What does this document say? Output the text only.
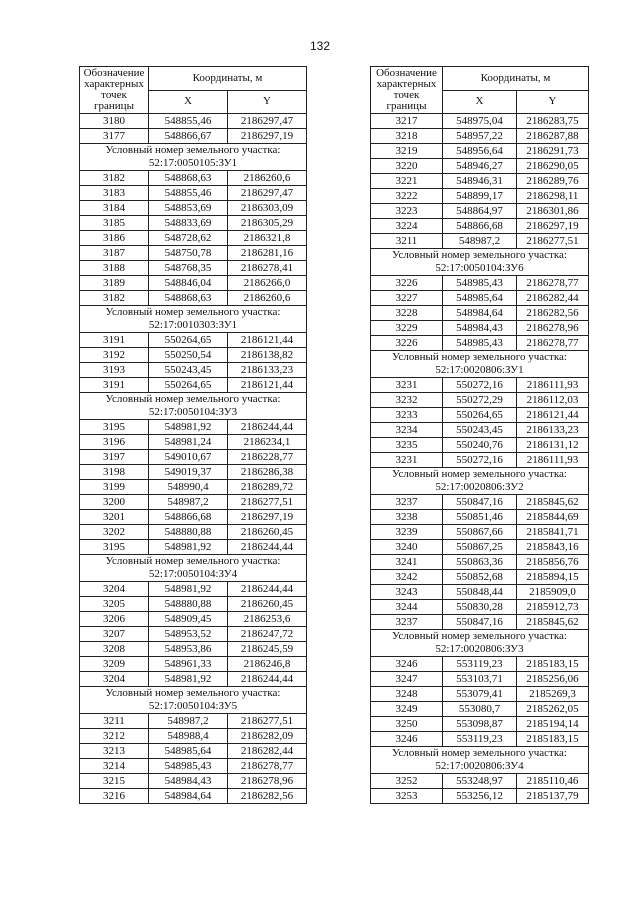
132
Обозначение характерных точек границы	Координаты, м	
	X	Y
3180	548855,46	2186297,47
3177	548866,67	2186297,19
Условный номер земельного участка: 52:17:0050105:ЗУ1		
3182	548868,63	2186260,6
3183	548855,46	2186297,47
3184	548853,69	2186303,09
3185	548833,69	2186305,29
3186	548728,62	2186321,8
3187	548750,78	2186281,16
3188	548768,35	2186278,41
3189	548846,04	2186266,0
3182	548868,63	2186260,6
Условный номер земельного участка: 52:17:0010303:ЗУ1		
3191	550264,65	2186121,44
3192	550250,54	2186138,82
3193	550243,45	2186133,23
3191	550264,65	2186121,44
Условный номер земельного участка: 52:17:0050104:ЗУ3		
3195	548981,92	2186244,44
3196	548981,24	2186234,1
3197	549010,67	2186228,77
3198	549019,37	2186286,38
3199	548990,4	2186289,72
3200	548987,2	2186277,51
3201	548866,68	2186297,19
3202	548880,88	2186260,45
3195	548981,92	2186244,44
Условный номер земельного участка: 52:17:0050104:ЗУ4		
3204	548981,92	2186244,44
3205	548880,88	2186260,45
3206	548909,45	2186253,6
3207	548953,52	2186247,72
3208	548953,86	2186245,59
3209	548961,33	2186246,8
3204	548981,92	2186244,44
Условный номер земельного участка: 52:17:0050104:ЗУ5		
3211	548987,2	2186277,51
3212	548988,4	2186282,09
3213	548985,64	2186282,44
3214	548985,43	2186278,77
3215	548984,43	2186278,96
3216	548984,64	2186282,56
Обозначение характерных точек границы	Координаты, м	
	X	Y
3217	548975,04	2186283,75
3218	548957,22	2186287,88
3219	548956,64	2186291,73
3220	548946,27	2186290,05
3221	548946,31	2186289,76
3222	548899,17	2186298,11
3223	548864,97	2186301,86
3224	548866,68	2186297,19
3211	548987,2	2186277,51
Условный номер земельного участка: 52:17:0050104:ЗУ6		
3226	548985,43	2186278,77
3227	548985,64	2186282,44
3228	548984,64	2186282,56
3229	548984,43	2186278,96
3226	548985,43	2186278,77
Условный номер земельного участка: 52:17:0020806:ЗУ1		
3231	550272,16	2186111,93
3232	550272,29	2186112,03
3233	550264,65	2186121,44
3234	550243,45	2186133,23
3235	550240,76	2186131,12
3231	550272,16	2186111,93
Условный номер земельного участка: 52:17:0020806:ЗУ2		
3237	550847,16	2185845,62
3238	550851,46	2185844,69
3239	550867,66	2185841,71
3240	550867,25	2185843,16
3241	550863,36	2185856,76
3242	550852,68	2185894,15
3243	550848,44	2185909,0
3244	550830,28	2185912,73
3237	550847,16	2185845,62
Условный номер земельного участка: 52:17:0020806:ЗУ3		
3246	553119,23	2185183,15
3247	553103,71	2185256,06
3248	553079,41	2185269,3
3249	553080,7	2185262,05
3250	553098,87	2185194,14
3246	553119,23	2185183,15
Условный номер земельного участка: 52:17:0020806:ЗУ4		
3252	553248,97	2185110,46
3253	553256,12	2185137,79
